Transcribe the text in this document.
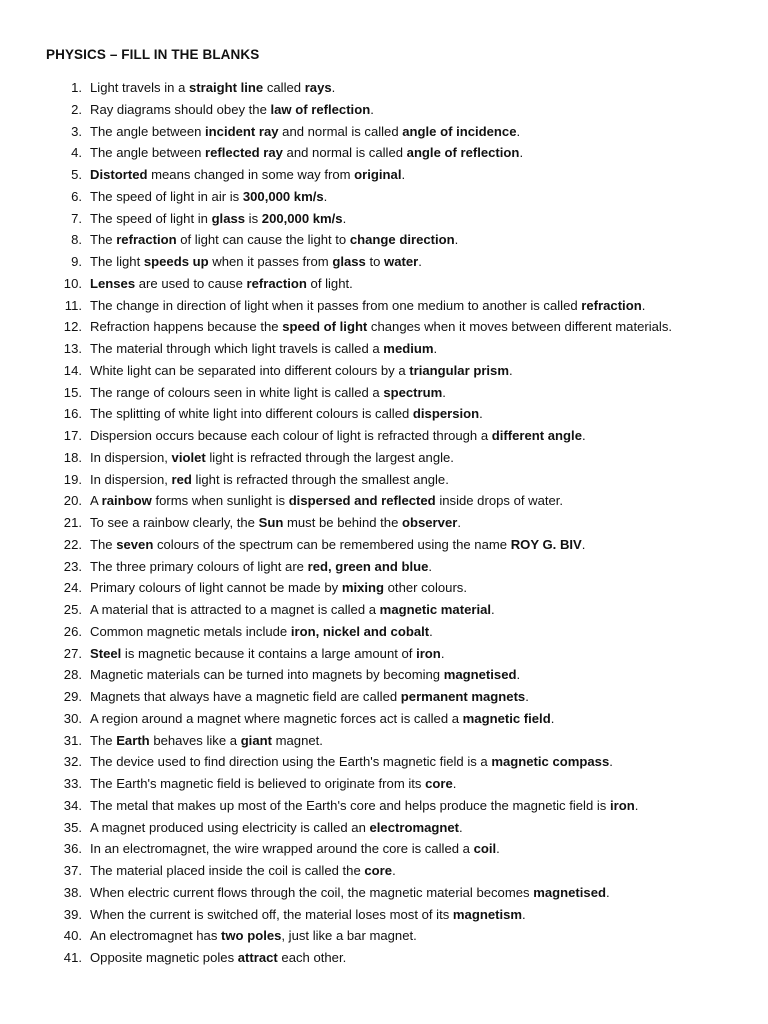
PHYSICS – FILL IN THE BLANKS
1. Light travels in a straight line called rays.
2. Ray diagrams should obey the law of reflection.
3. The angle between incident ray and normal is called angle of incidence.
4. The angle between reflected ray and normal is called angle of reflection.
5. Distorted means changed in some way from original.
6. The speed of light in air is 300,000 km/s.
7. The speed of light in glass is 200,000 km/s.
8. The refraction of light can cause the light to change direction.
9. The light speeds up when it passes from glass to water.
10. Lenses are used to cause refraction of light.
11. The change in direction of light when it passes from one medium to another is called refraction.
12. Refraction happens because the speed of light changes when it moves between different materials.
13. The material through which light travels is called a medium.
14. White light can be separated into different colours by a triangular prism.
15. The range of colours seen in white light is called a spectrum.
16. The splitting of white light into different colours is called dispersion.
17. Dispersion occurs because each colour of light is refracted through a different angle.
18. In dispersion, violet light is refracted through the largest angle.
19. In dispersion, red light is refracted through the smallest angle.
20. A rainbow forms when sunlight is dispersed and reflected inside drops of water.
21. To see a rainbow clearly, the Sun must be behind the observer.
22. The seven colours of the spectrum can be remembered using the name ROY G. BIV.
23. The three primary colours of light are red, green and blue.
24. Primary colours of light cannot be made by mixing other colours.
25. A material that is attracted to a magnet is called a magnetic material.
26. Common magnetic metals include iron, nickel and cobalt.
27. Steel is magnetic because it contains a large amount of iron.
28. Magnetic materials can be turned into magnets by becoming magnetised.
29. Magnets that always have a magnetic field are called permanent magnets.
30. A region around a magnet where magnetic forces act is called a magnetic field.
31. The Earth behaves like a giant magnet.
32. The device used to find direction using the Earth's magnetic field is a magnetic compass.
33. The Earth's magnetic field is believed to originate from its core.
34. The metal that makes up most of the Earth's core and helps produce the magnetic field is iron.
35. A magnet produced using electricity is called an electromagnet.
36. In an electromagnet, the wire wrapped around the core is called a coil.
37. The material placed inside the coil is called the core.
38. When electric current flows through the coil, the magnetic material becomes magnetised.
39. When the current is switched off, the material loses most of its magnetism.
40. An electromagnet has two poles, just like a bar magnet.
41. Opposite magnetic poles attract each other.
